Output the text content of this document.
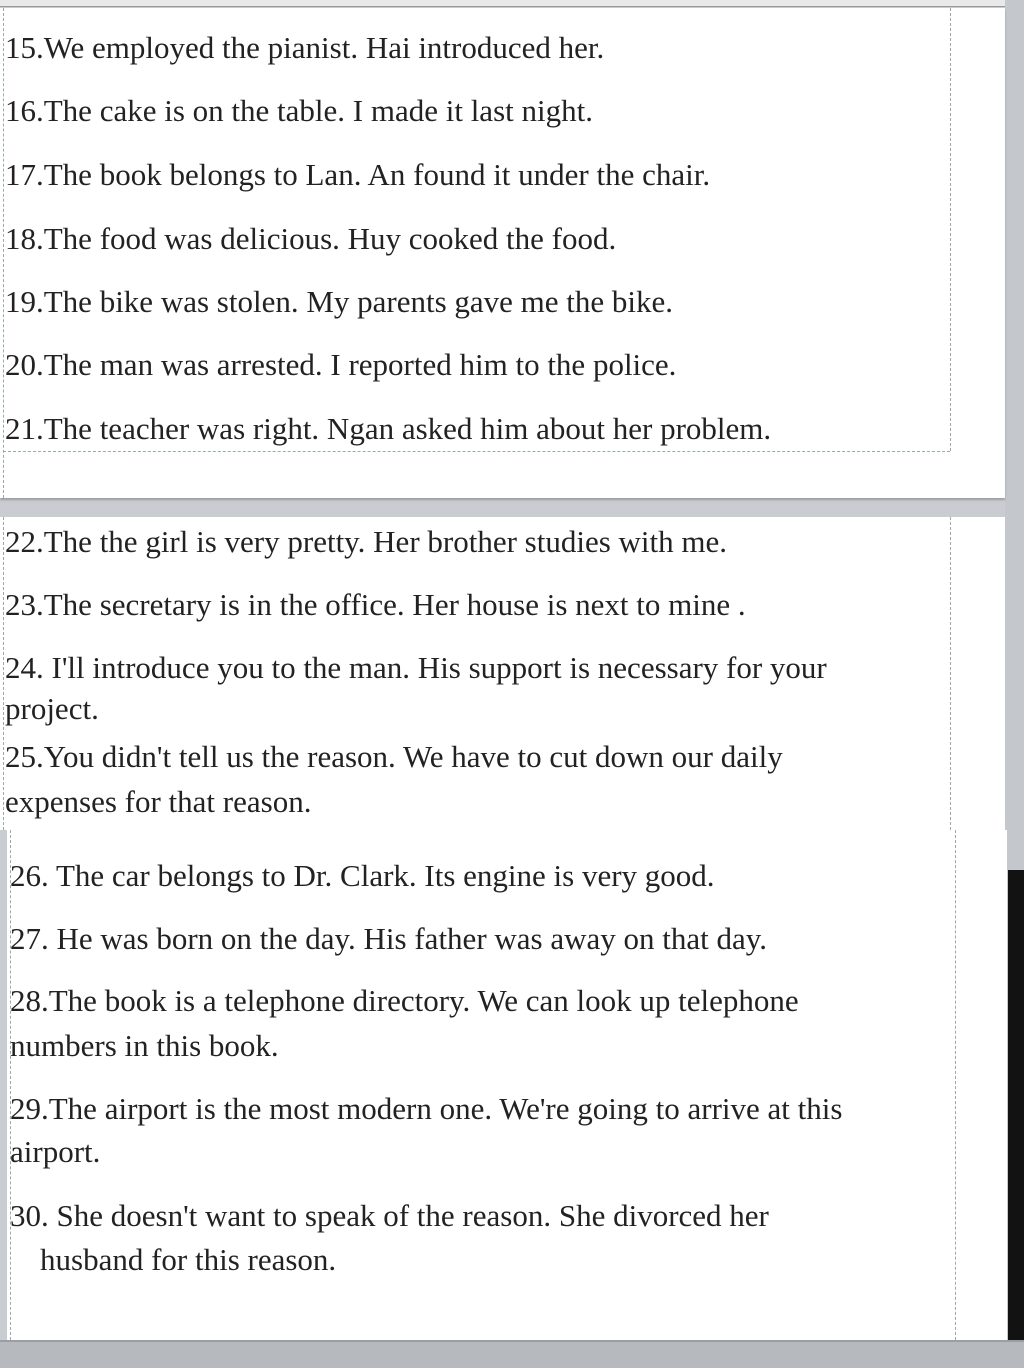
15.We employed the pianist. Hai introduced her.

16.The cake is on the table. I made it last night.

17.The book belongs to Lan. An found it under the chair.

18.The food was delicious. Huy cooked the food.

19.The bike was stolen. My parents gave me the bike.

20.The man was arrested. I reported him to the police.

21.The teacher was right. Ngan asked him about her problem.

22.The the girl is very pretty. Her brother studies with me.

23.The secretary is in the office. Her house is next to mine .

24. I'll introduce you to the man. His support is necessary for your

project.

25.You didn't tell us the reason. We have to cut down our daily

expenses for that reason.

26. The car belongs to Dr. Clark. Its engine is very good.

27. He was born on the day. His father was away on that day.

28.The book is a telephone directory. We can look up telephone

numbers in this book.

29.The airport is the most modern one. We're going to arrive at this

airport.

30. She doesn't want to speak of the reason. She divorced her

husband for this reason.
